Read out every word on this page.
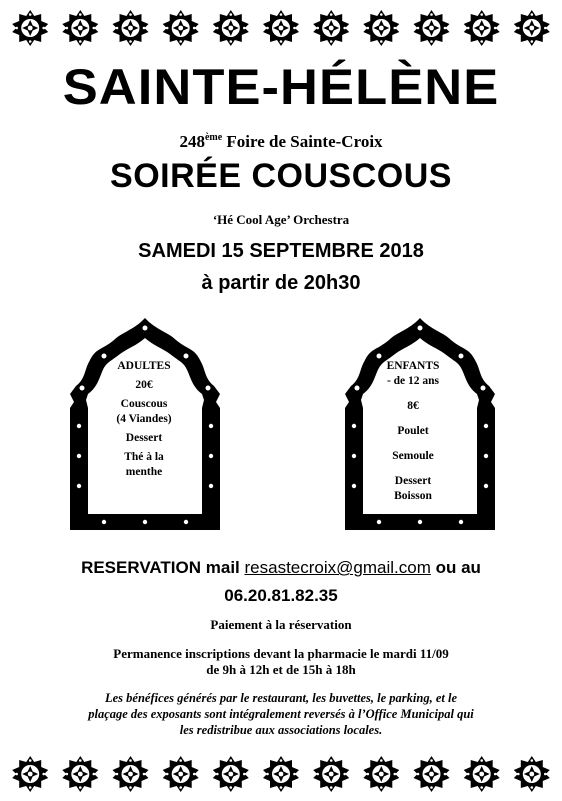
SAINTE-HÉLÈNE
248ème Foire de Sainte-Croix
SOIRÉE COUSCOUS
‘Hé Cool Age’ Orchestra
SAMEDI 15 SEPTEMBRE 2018
à partir de 20h30
ADULTES
20€
Couscous
(4 Viandes)
Dessert
Thé à la
menthe
ENFANTS
- de 12 ans
8€
Poulet
Semoule
Dessert
Boisson
RESERVATION mail resastecroix@gmail.com ou au
06.20.81.82.35
Paiement à la réservation
Permanence inscriptions devant la pharmacie le mardi 11/09
de 9h à 12h et de 15h à 18h
Les bénéfices générés par le restaurant, les buvettes, le parking, et le
plaçage des exposants sont intégralement reversés à l’Office Municipal qui
les redistribue aux associations locales.
